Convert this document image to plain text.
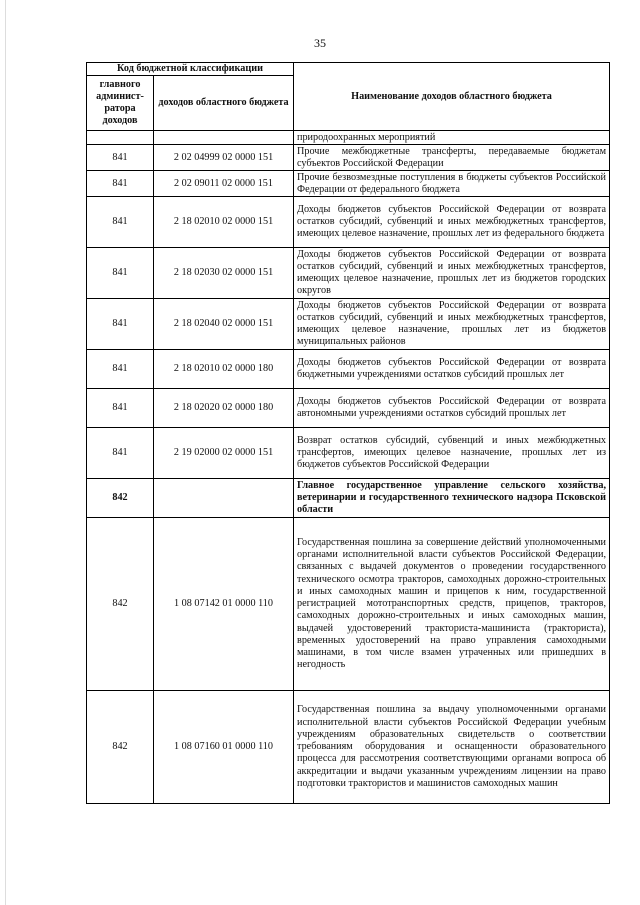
35
Код бюджетной классификации		Наименование доходов областного бюджета
главного админист-ратора доходов	доходов областного бюджета	
		природоохранных мероприятий
841	2 02 04999 02 0000 151	Прочие межбюджетные трансферты, передаваемые бюджетам субъектов Российской Федерации
841	2 02 09011 02 0000 151	Прочие безвозмездные поступления в бюджеты субъектов Российской Федерации от федерального бюджета
841	2 18 02010 02 0000 151	Доходы бюджетов субъектов Российской Федерации от возврата остатков субсидий, субвенций и иных межбюджетных трансфертов, имеющих целевое назначение, прошлых лет из федерального бюджета
841	2 18 02030 02 0000 151	Доходы бюджетов субъектов Российской Федерации от возврата остатков субсидий, субвенций и иных межбюджетных трансфертов, имеющих целевое назначение, прошлых лет из бюджетов городских округов
841	2 18 02040 02 0000 151	Доходы бюджетов субъектов Российской Федерации от возврата остатков субсидий, субвенций и иных межбюджетных трансфертов, имеющих целевое назначение, прошлых лет из бюджетов муниципальных районов
841	2 18 02010 02 0000 180	Доходы бюджетов субъектов Российской Федерации от возврата бюджетными учреждениями остатков субсидий прошлых лет
841	2 18 02020 02 0000 180	Доходы бюджетов субъектов Российской Федерации от возврата автономными учреждениями остатков субсидий прошлых лет
841	2 19 02000 02 0000 151	Возврат остатков субсидий, субвенций и иных межбюджетных трансфертов, имеющих целевое назначение, прошлых лет из бюджетов субъектов Российской Федерации
842		Главное государственное управление сельского хозяйства, ветеринарии и государственного технического надзора Псковской области
842	1 08 07142 01 0000 110	Государственная пошлина за совершение действий уполномоченными органами исполнительной власти субъектов Российской Федерации, связанных с выдачей документов о проведении государственного технического осмотра тракторов, самоходных дорожно-строительных и иных самоходных машин и прицепов к ним, государственной регистрацией мототранспортных средств, прицепов, тракторов, самоходных дорожно-строительных и иных самоходных машин, выдачей удостоверений тракториста-машиниста (тракториста), временных удостоверений на право управления самоходными машинами, в том числе взамен утраченных или пришедших в негодность
842	1 08 07160 01 0000 110	Государственная пошлина за выдачу уполномоченными органами исполнительной власти субъектов Российской Федерации учебным учреждениям образовательных свидетельств о соответствии требованиям оборудования и оснащенности образовательного процесса для рассмотрения соответствующими органами вопроса об аккредитации и выдачи указанным учреждениям лицензии на право подготовки трактористов и машинистов самоходных машин
